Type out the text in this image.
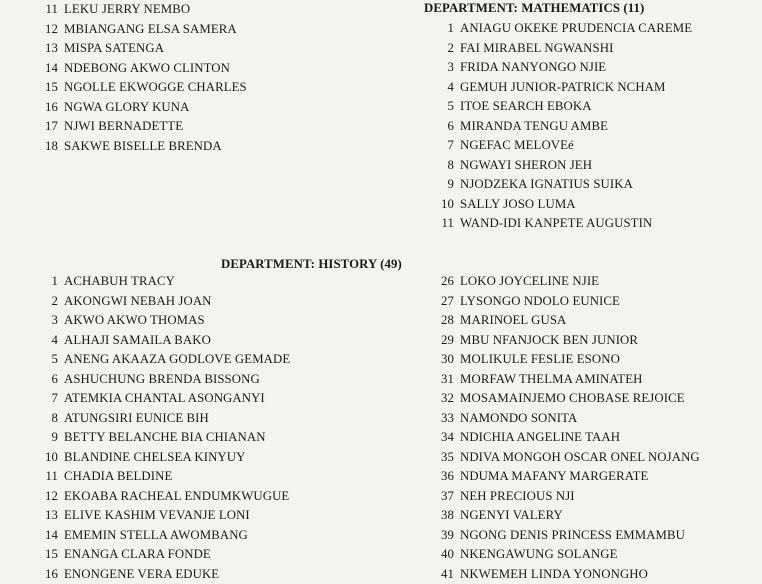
11 LEKU JERRY NEMBO
12 MBIANGANG ELSA SAMERA
13 MISPA SATENGA
14 NDEBONG AKWO CLINTON
15 NGOLLE EKWOGGE CHARLES
16 NGWA GLORY KUNA
17 NJWI BERNADETTE
18 SAKWE BISELLE BRENDA
DEPARTMENT: MATHEMATICS (11)
1 ANIAGU OKEKE PRUDENCIA CAREME
2 FAI MIRABEL NGWANSHI
3 FRIDA NANYONGO NJIE
4 GEMUH JUNIOR-PATRICK NCHAM
5 ITOE SEARCH EBOKA
6 MIRANDA TENGU AMBE
7 NGEFAC MELOVEé
8 NGWAYI SHERON JEH
9 NJODZEKA IGNATIUS SUIKA
10 SALLY JOSO LUMA
11 WAND-IDI KANPETE AUGUSTIN
DEPARTMENT: HISTORY (49)
1 ACHABUH TRACY
2 AKONGWI NEBAH JOAN
3 AKWO AKWO THOMAS
4 ALHAJI SAMAILA BAKO
5 ANENG AKAAZA GODLOVE GEMADE
6 ASHUCHUNG BRENDA BISSONG
7 ATEMKIA CHANTAL ASONGANYI
8 ATUNGSIRI EUNICE BIH
9 BETTY BELANCHE BIA CHIANAN
10 BLANDINE CHELSEA KINYUY
11 CHADIA BELDINE
12 EKOABA RACHEAL ENDUMKWUGUE
13 ELIVE KASHIM VEVANJE LONI
14 EMEMIN STELLA AWOMBANG
15 ENANGA CLARA FONDE
16 ENONGENE VERA EDUKE
26 LOKO JOYCELINE NJIE
27 LYSONGO NDOLO EUNICE
28 MARINOEL GUSA
29 MBU NFANJOCK BEN JUNIOR
30 MOLIKULE FESLIE ESONO
31 MORFAW THELMA AMINATEH
32 MOSAMAINJEMO CHOBASE REJOICE
33 NAMONDO SONITA
34 NDICHIA ANGELINE TAAH
35 NDIVA MONGOH OSCAR ONEL NOJANG
36 NDUMA MAFANY MARGERATE
37 NEH PRECIOUS NJI
38 NGENYI VALERY
39 NGONG DENIS PRINCESS EMMAMBU
40 NKENGAWUNG SOLANGE
41 NKWEMEH LINDA YONONGHO
